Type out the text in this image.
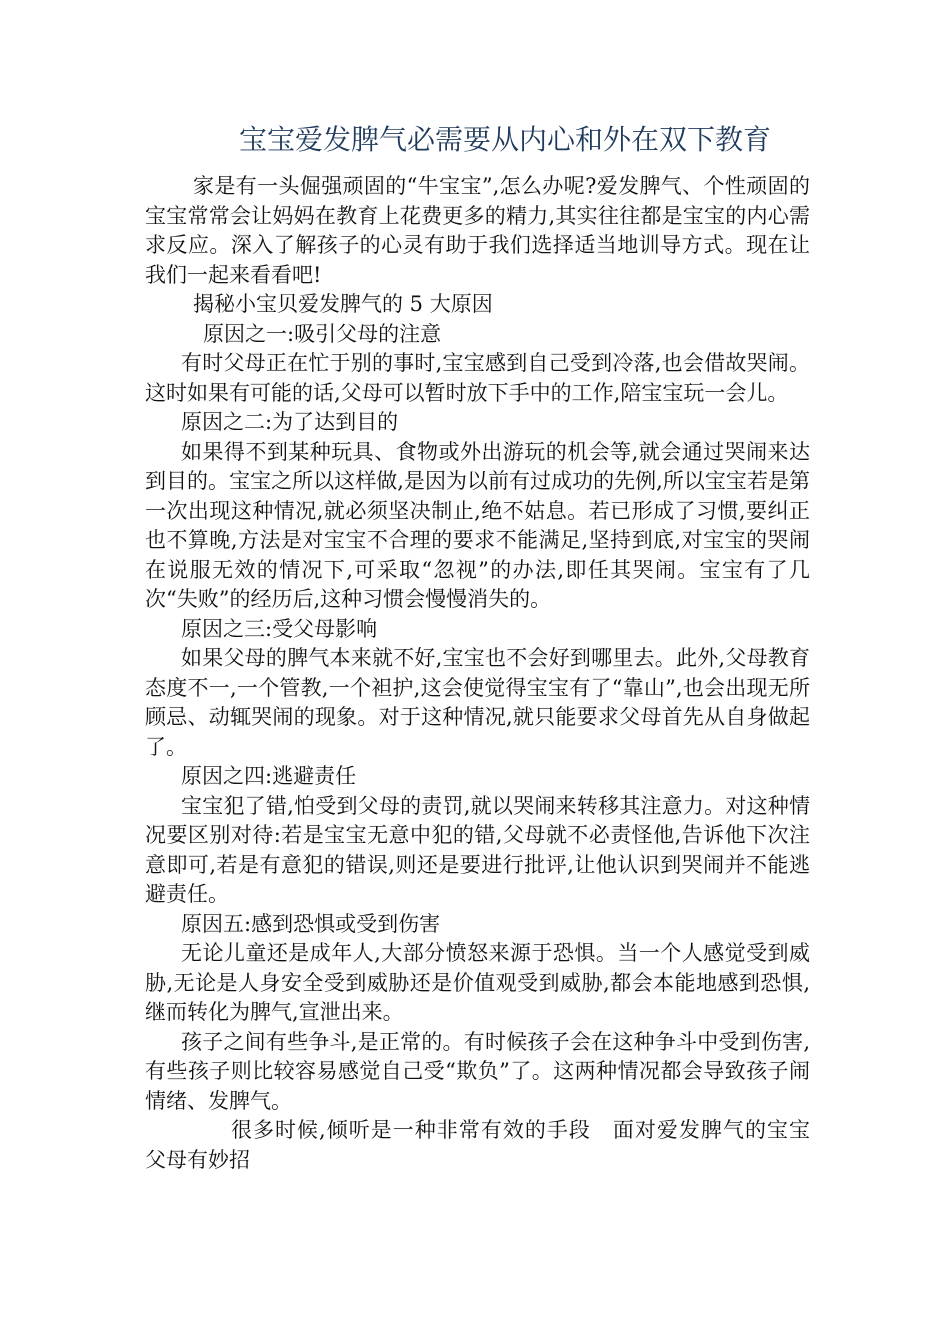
宝宝爱发脾气必需要从内心和外在双下教育

家是有一头倔强顽固的“牛宝宝”,怎么办呢?爱发脾气、个性顽固的宝宝常常会让妈妈在教育上花费更多的精力,其实往往都是宝宝的内心需求反应。深入了解孩子的心灵有助于我们选择适当地训导方式。现在让我们一起来看看吧!

揭秘小宝贝爱发脾气的 5 大原因

原因之一:吸引父母的注意

有时父母正在忙于别的事时,宝宝感到自己受到冷落,也会借故哭闹。这时如果有可能的话,父母可以暂时放下手中的工作,陪宝宝玩一会儿。

原因之二:为了达到目的

如果得不到某种玩具、食物或外出游玩的机会等,就会通过哭闹来达到目的。宝宝之所以这样做,是因为以前有过成功的先例,所以宝宝若是第一次出现这种情况,就必须坚决制止,绝不姑息。若已形成了习惯,要纠正也不算晚,方法是对宝宝不合理的要求不能满足,坚持到底,对宝宝的哭闹在说服无效的情况下,可采取“忽视”的办法,即任其哭闹。宝宝有了几次“失败”的经历后,这种习惯会慢慢消失的。

原因之三:受父母影响

如果父母的脾气本来就不好,宝宝也不会好到哪里去。此外,父母教育态度不一,一个管教,一个袒护,这会使觉得宝宝有了“靠山”,也会出现无所顾忌、动辄哭闹的现象。对于这种情况,就只能要求父母首先从自身做起了。

原因之四:逃避责任

宝宝犯了错,怕受到父母的责罚,就以哭闹来转移其注意力。对这种情况要区别对待:若是宝宝无意中犯的错,父母就不必责怪他,告诉他下次注意即可,若是有意犯的错误,则还是要进行批评,让他认识到哭闹并不能逃避责任。

原因五:感到恐惧或受到伤害

无论儿童还是成年人,大部分愤怒来源于恐惧。当一个人感觉受到威胁,无论是人身安全受到威胁还是价值观受到威胁,都会本能地感到恐惧,继而转化为脾气,宣泄出来。

孩子之间有些争斗,是正常的。有时候孩子会在这种争斗中受到伤害,有些孩子则比较容易感觉自己受“欺负”了。这两种情况都会导致孩子闹情绪、发脾气。

很多时候,倾听是一种非常有效的手段　面对爱发脾气的宝宝 父母有妙招
